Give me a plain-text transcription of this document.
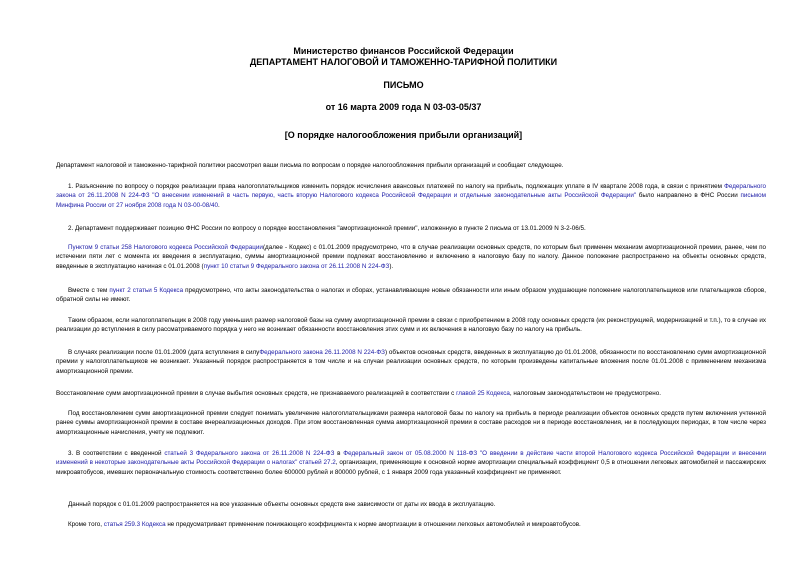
Министерство финансов Российской Федерации
ДЕПАРТАМЕНТ НАЛОГОВОЙ И ТАМОЖЕННО-ТАРИФНОЙ ПОЛИТИКИ
ПИСЬМО
от 16 марта 2009 года N 03-03-05/37
[О порядке налогообложения прибыли организаций]
Департамент налоговой и таможенно-тарифной политики рассмотрел ваши письма по вопросам о порядке налогообложения прибыли организаций и сообщает следующее.
1. Разъяснение по вопросу о порядке реализации права налогоплательщиков изменить порядок исчисления авансовых платежей по налогу на прибыль, подлежащих уплате в IV квартале 2008 года, в связи с принятием Федерального закона от 26.11.2008 N 224-ФЗ "О внесении изменений в часть первую, часть вторую Налогового кодекса Российской Федерации и отдельные законодательные акты Российской Федерации" было направлено в ФНС России письмом Минфина России от 27 ноября 2008 года N 03-00-08/40.
2. Департамент поддерживает позицию ФНС России по вопросу о порядке восстановления "амортизационной премии", изложенную в пункте 2 письма от 13.01.2009 N 3-2-06/5.
Пунктом 9 статьи 258 Налогового кодекса Российской Федерации(далее - Кодекс) с 01.01.2009 предусмотрено, что в случае реализации основных средств, по которым был применен механизм амортизационной премии, ранее, чем по истечении пяти лет с момента их введения в эксплуатацию, суммы амортизационной премии подлежат восстановлению и включению в налоговую базу по налогу. Данное положение распространено на объекты основных средств, введенные в эксплуатацию начиная с 01.01.2008 (пункт 10 статьи 9 Федерального закона от 26.11.2008 N 224-ФЗ).
Вместе с тем пункт 2 статьи 5 Кодекса предусмотрено, что акты законодательства о налогах и сборах, устанавливающие новые обязанности или иным образом ухудшающие положение налогоплательщиков или плательщиков сборов, обратной силы не имеют.
Таким образом, если налогоплательщик в 2008 году уменьшил размер налоговой базы на сумму амортизационной премии в связи с приобретением в 2008 году основных средств (их реконструкцией, модернизацией и т.п.), то в случае их реализации до вступления в силу рассматриваемого порядка у него не возникает обязанности восстановления этих сумм и их включения в налоговую базу по налогу на прибыль.
В случаях реализации после 01.01.2009 (дата вступления в силуФедерального закона 26.11.2008 N 224-ФЗ) объектов основных средств, введенных в эксплуатацию до 01.01.2008, обязанности по восстановлению сумм амортизационной премии у налогоплательщиков не возникает. Указанный порядок распространяется в том числе и на случаи реализации основных средств, по которым произведены капитальные вложения после 01.01.2008 с применением механизма амортизационной премии.
Восстановление сумм амортизационной премии в случае выбытия основных средств, не признаваемого реализацией в соответствии с главой 25 Кодекса, налоговым законодательством не предусмотрено.
Под восстановлением сумм амортизационной премии следует понимать увеличение налогоплательщиками размера налоговой базы по налогу на прибыль в периоде реализации объектов основных средств путем включения учтенной ранее суммы амортизационной премии в составе внереализационных доходов. При этом восстановленная сумма амортизационной премии в составе расходов ни в периоде восстановления, ни в последующих периодах, в том числе через амортизационные начисления, учету не подлежит.
3. В соответствии с введенной статьей 3 Федерального закона от 26.11.2008 N 224-ФЗ в Федеральный закон от 05.08.2000 N 118-ФЗ "О введении в действие части второй Налогового кодекса Российской Федерации и внесении изменений в некоторые законодательные акты Российской Федерации о налогах" статьей 27.2, организации, применяющие к основной норме амортизации специальный коэффициент 0,5 в отношении легковых автомобилей и пассажирских микроавтобусов, имевших первоначальную стоимость соответственно более 600000 рублей и 800000 рублей, с 1 января 2009 года указанный коэффициент не применяют.
Данный порядок с 01.01.2009 распространяется на все указанные объекты основных средств вне зависимости от даты их ввода в эксплуатацию.
Кроме того, статья 259.3 Кодекса не предусматривает применение понижающего коэффициента к норме амортизации в отношении легковых автомобилей и микроавтобусов.
